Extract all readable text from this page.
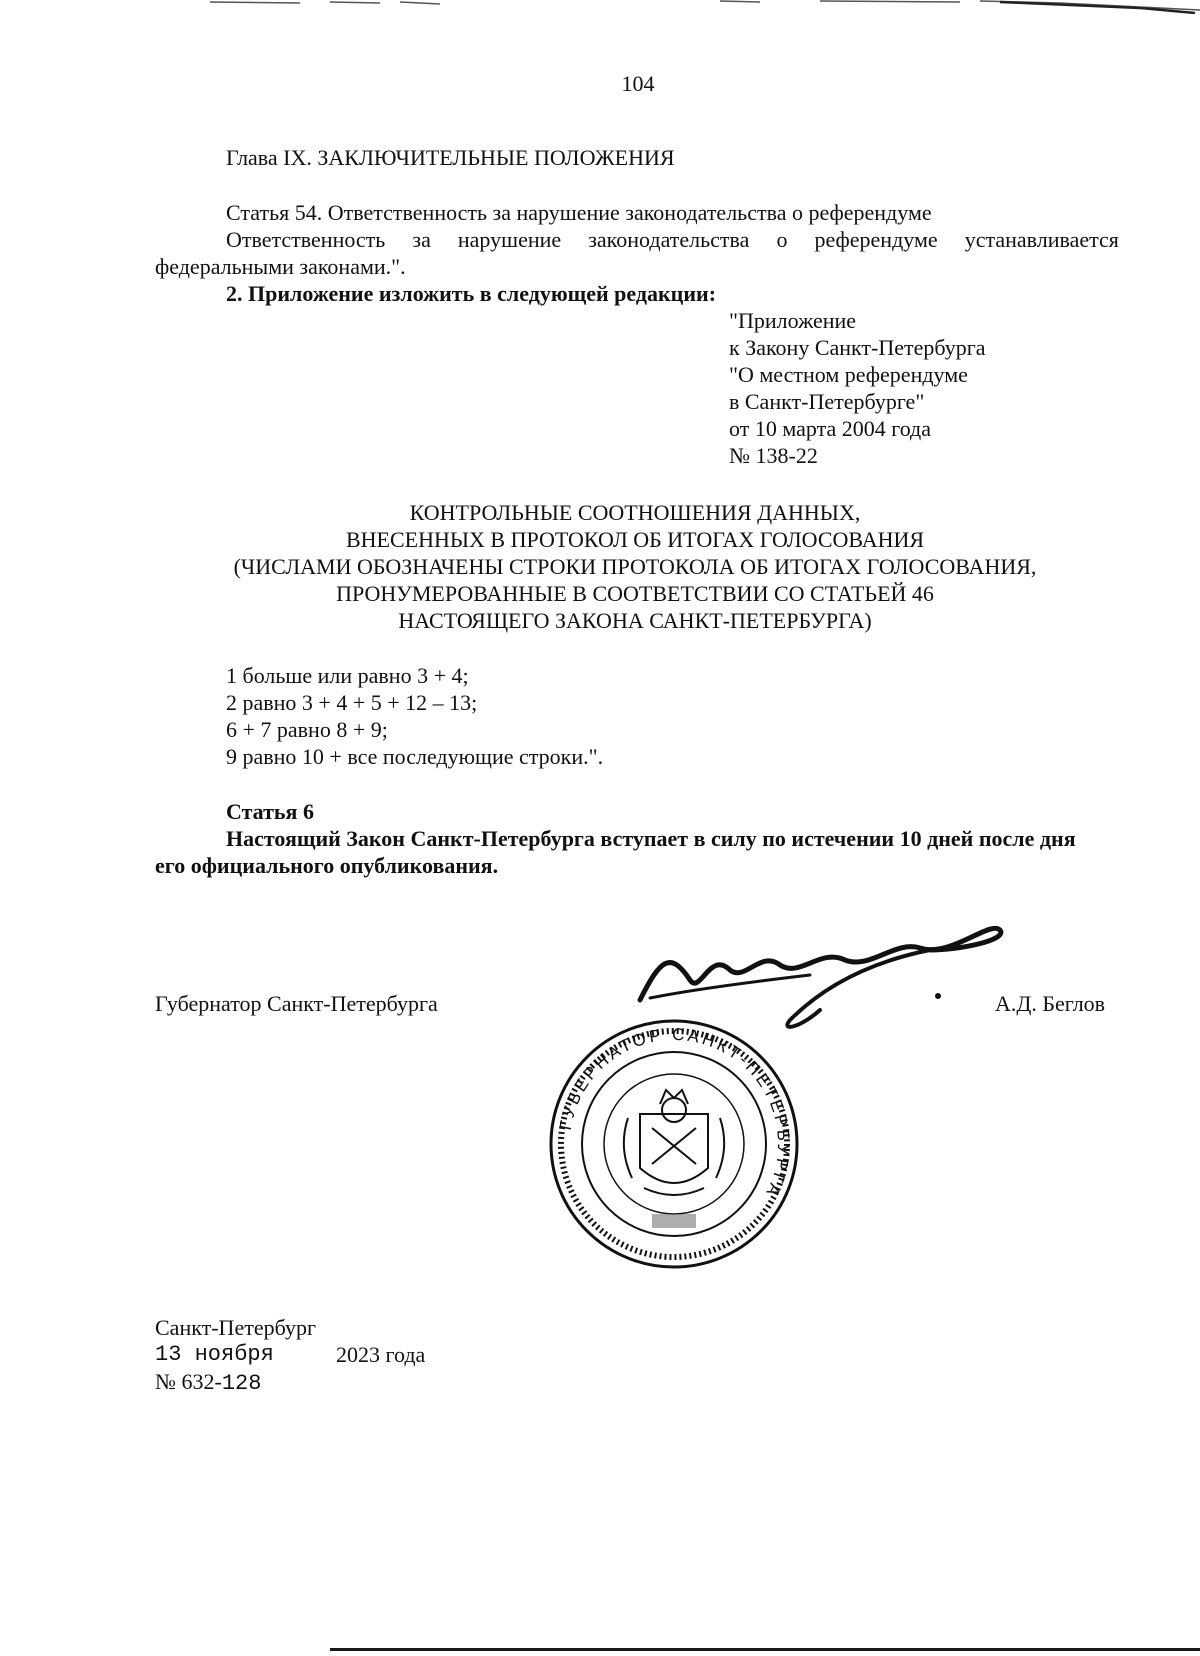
104
Глава IX. ЗАКЛЮЧИТЕЛЬНЫЕ ПОЛОЖЕНИЯ
Статья 54. Ответственность за нарушение законодательства о референдуме
Ответственность за нарушение законодательства о референдуме устанавливается
федеральными законами.".
2. Приложение изложить в следующей редакции:
"Приложение
к Закону Санкт-Петербурга
"О местном референдуме
в Санкт-Петербурге"
от 10 марта 2004 года
№ 138-22
КОНТРОЛЬНЫЕ СООТНОШЕНИЯ ДАННЫХ,
ВНЕСЕННЫХ В ПРОТОКОЛ ОБ ИТОГАХ ГОЛОСОВАНИЯ
(ЧИСЛАМИ ОБОЗНАЧЕНЫ СТРОКИ ПРОТОКОЛА ОБ ИТОГАХ ГОЛОСОВАНИЯ,
ПРОНУМЕРОВАННЫЕ В СООТВЕТСТВИИ СО СТАТЬЕЙ 46
НАСТОЯЩЕГО ЗАКОНА САНКТ-ПЕТЕРБУРГА)
1 больше или равно 3 + 4;
2 равно 3 + 4 + 5 + 12 – 13;
6 + 7 равно 8 + 9;
9 равно 10 + все последующие строки.".
Статья 6
Настоящий Закон Санкт-Петербурга вступает в силу по истечении 10 дней после дня
его официального опубликования.
Губернатор Санкт-Петербурга	А.Д. Беглов
ГУБЕРНАТОР САНКТ-ПЕТЕРБУРГА
Санкт-Петербург
13 ноября	2023 года
№ 632-128
